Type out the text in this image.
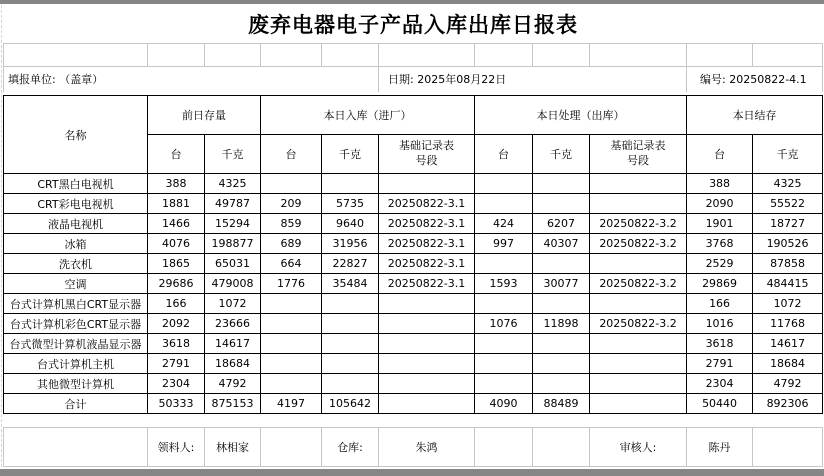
废弃电器电子产品入库出库日报表										

填报单位: （盖章）					日期: 2025年08月22日				编号: 20250822-4.1	
名称	前日存量		本日入库（进厂）			本日处理（出库）			本日结存	
	台	千克	台	千克	基础记录表号段	台	千克	基础记录表号段	台	千克
CRT黑白电视机	388	4325							388	4325
CRT彩电电视机	1881	49787	209	5735	20250822-3.1				2090	55522
液晶电视机	1466	15294	859	9640	20250822-3.1	424	6207	20250822-3.2	1901	18727
冰箱	4076	198877	689	31956	20250822-3.1	997	40307	20250822-3.2	3768	190526
洗衣机	1865	65031	664	22827	20250822-3.1				2529	87858
空调	29686	479008	1776	35484	20250822-3.1	1593	30077	20250822-3.2	29869	484415
台式计算机黑白CRT显示器	166	1072							166	1072
台式计算机彩色CRT显示器	2092	23666				1076	11898	20250822-3.2	1016	11768
台式微型计算机液晶显示器	3618	14617							3618	14617
台式计算机主机	2791	18684							2791	18684
其他微型计算机	2304	4792							2304	4792
合计	50333	875153	4197	105642		4090	88489		50440	892306
	领料人:	林相家		仓库:	朱鸿			审核人:	陈丹	
